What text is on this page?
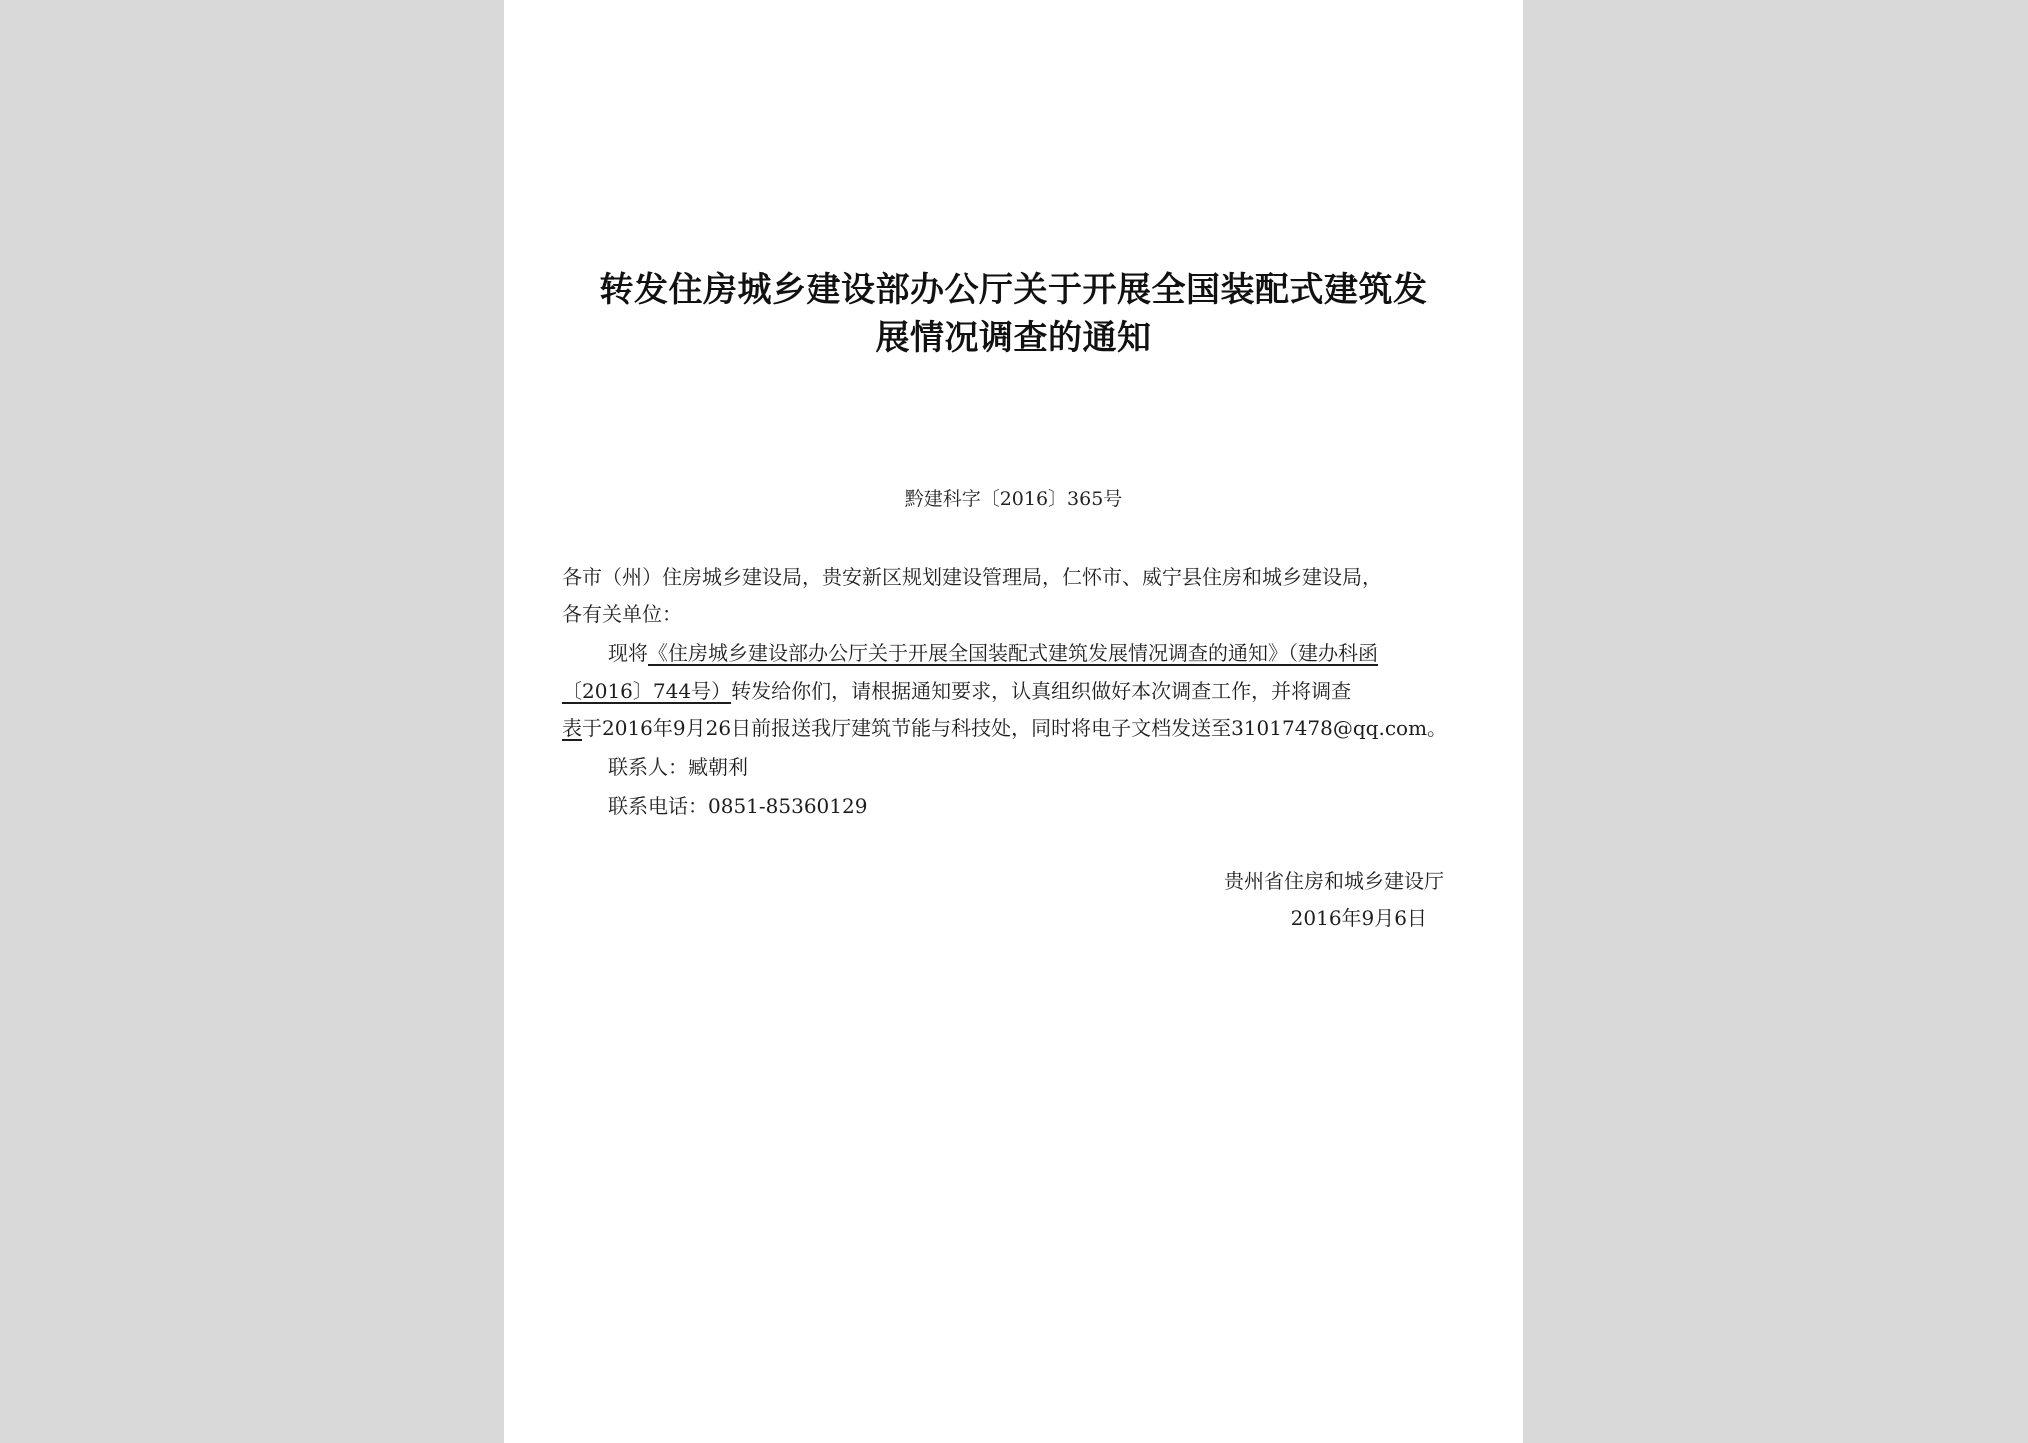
转发住房城乡建设部办公厅关于开展全国装配式建筑发
展情况调查的通知
黔建科字〔2016〕365号
各市（州）住房城乡建设局，贵安新区规划建设管理局，仁怀市、威宁县住房和城乡建设局，
各有关单位：
现将《住房城乡建设部办公厅关于开展全国装配式建筑发展情况调查的通知》（建办科函
〔2016〕744号）转发给你们，请根据通知要求，认真组织做好本次调查工作，并将调查
表于2016年9月26日前报送我厅建筑节能与科技处，同时将电子文档发送至31017478@qq.com。
联系人：臧朝利
联系电话：0851-85360129
贵州省住房和城乡建设厅
2016年9月6日
